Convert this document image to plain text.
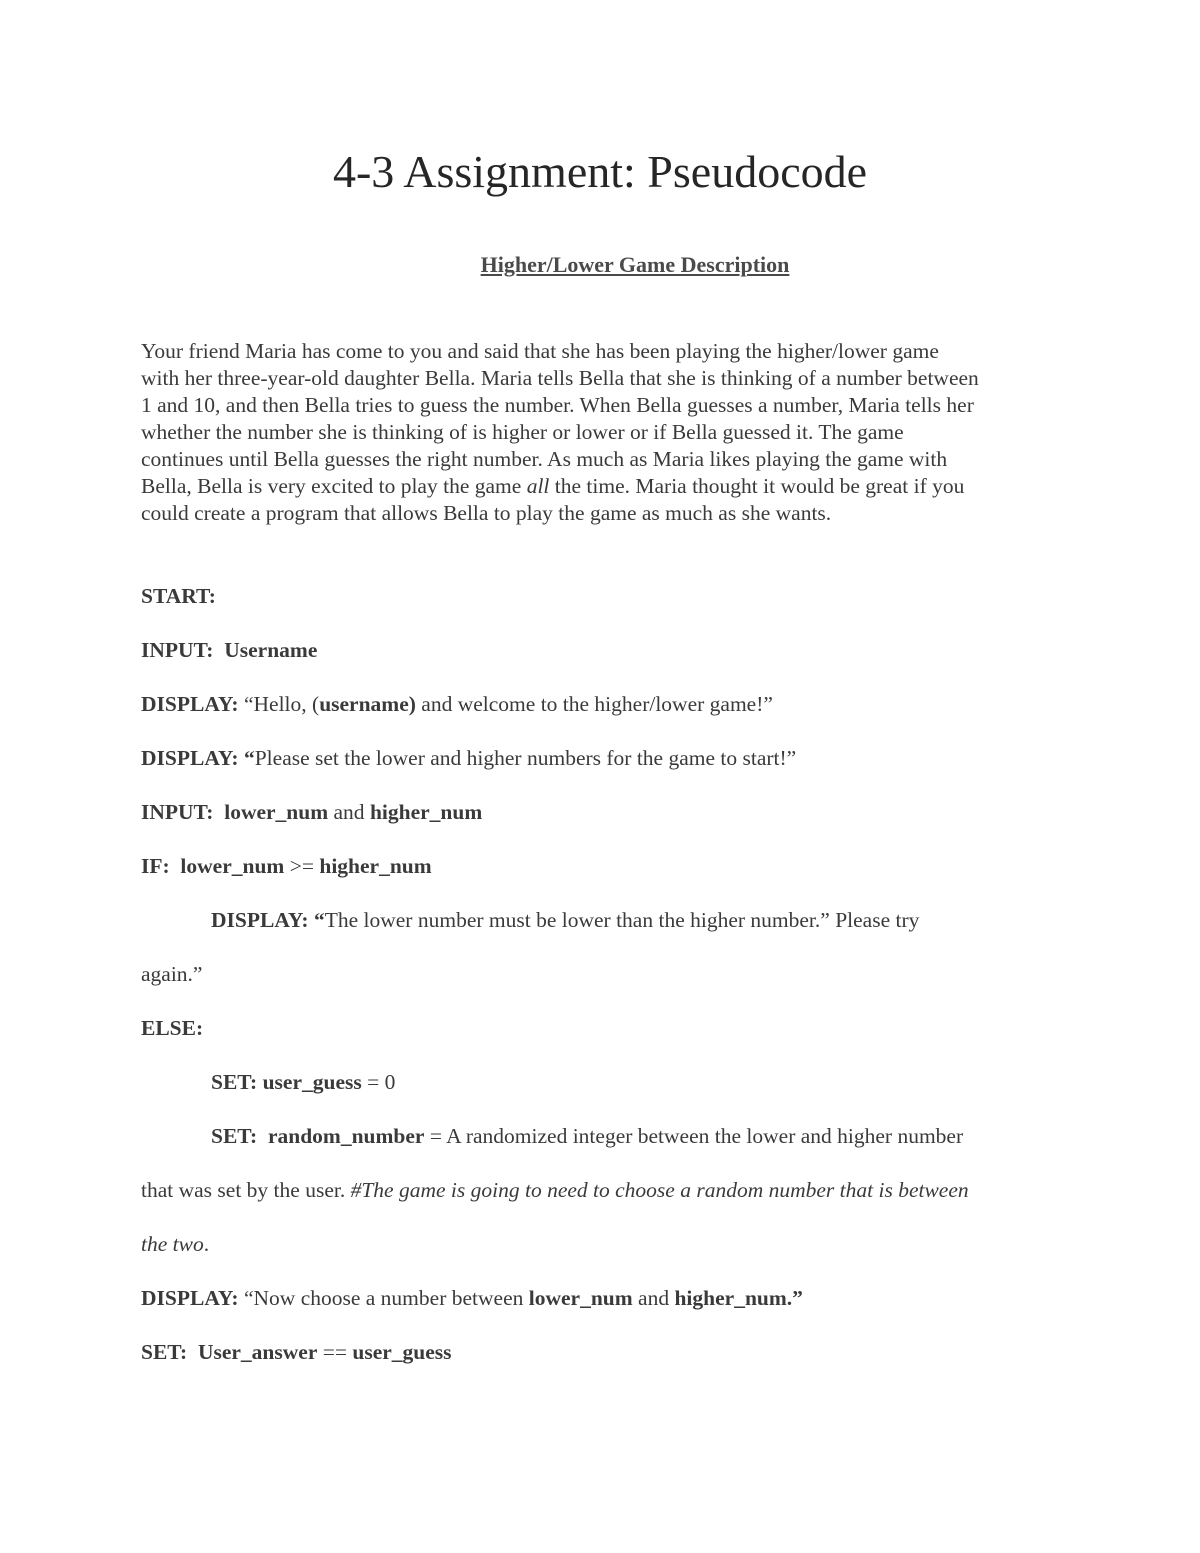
4-3 Assignment: Pseudocode
Higher/Lower Game Description

Your friend Maria has come to you and said that she has been playing the higher/lower game

with her three-year-old daughter Bella. Maria tells Bella that she is thinking of a number between

1 and 10, and then Bella tries to guess the number. When Bella guesses a number, Maria tells her

whether the number she is thinking of is higher or lower or if Bella guessed it. The game

continues until Bella guesses the right number. As much as Maria likes playing the game with

Bella, Bella is very excited to play the game all the time. Maria thought it would be great if you

could create a program that allows Bella to play the game as much as she wants.

START:
INPUT: Username
DISPLAY: “Hello, (username) and welcome to the higher/lower game!”
DISPLAY: “Please set the lower and higher numbers for the game to start!”
INPUT: lower_num and higher_num
IF: lower_num >= higher_num
DISPLAY: “The lower number must be lower than the higher number.” Please try
again.”
ELSE:
SET: user_guess = 0
SET: random_number = A randomized integer between the lower and higher number
that was set by the user. #The game is going to need to choose a random number that is between
the two.
DISPLAY: “Now choose a number between lower_num and higher_num.”
SET: User_answer == user_guess
